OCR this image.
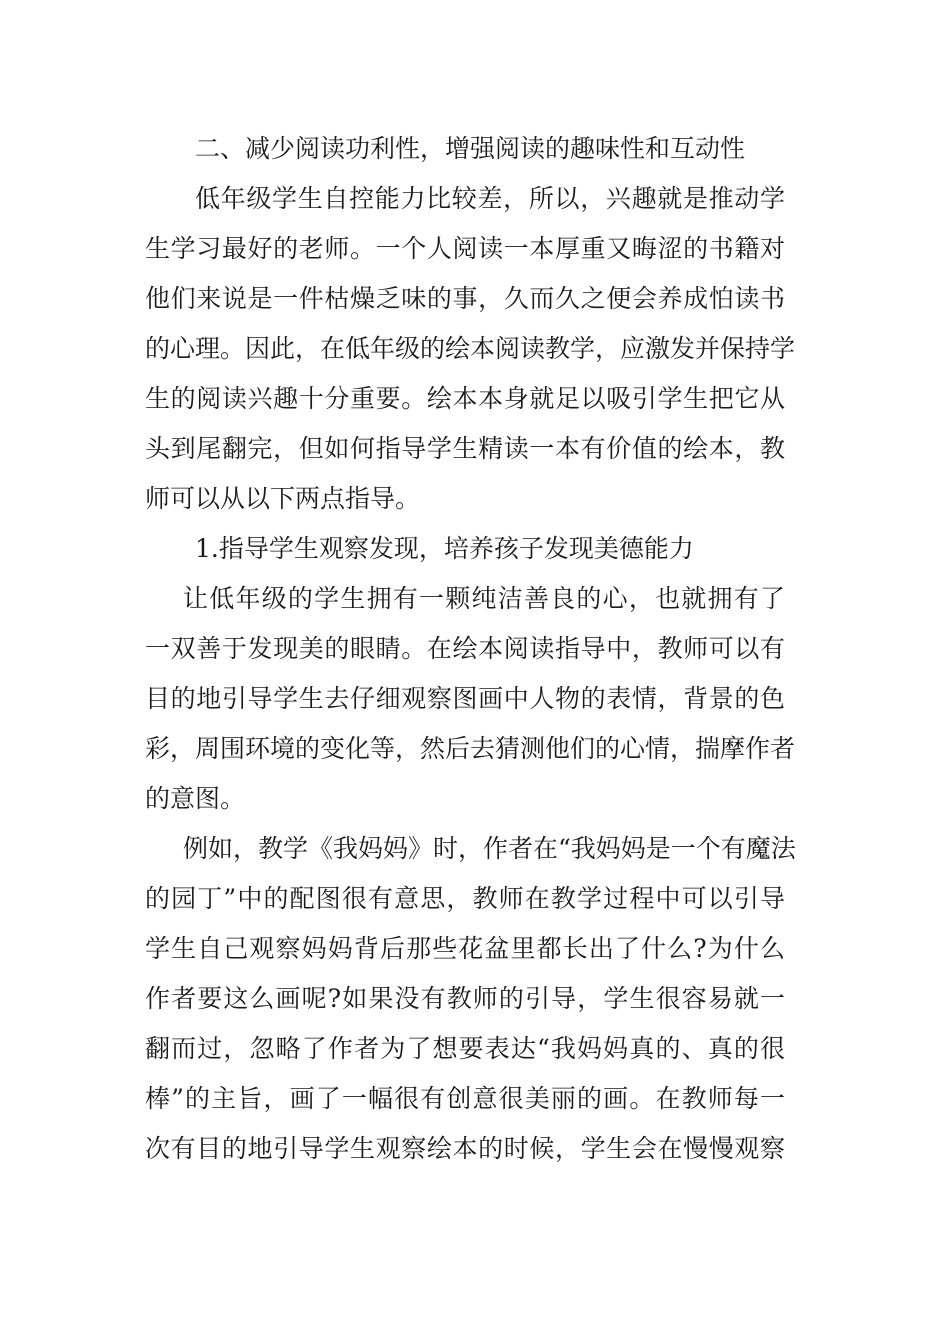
二、减少阅读功利性，增强阅读的趣味性和互动性
低年级学生自控能力比较差，所以，兴趣就是推动学
生学习最好的老师。一个人阅读一本厚重又晦涩的书籍对
他们来说是一件枯燥乏味的事，久而久之便会养成怕读书
的心理。因此，在低年级的绘本阅读教学，应激发并保持学
生的阅读兴趣十分重要。绘本本身就足以吸引学生把它从
头到尾翻完，但如何指导学生精读一本有价值的绘本，教
师可以从以下两点指导。
1.指导学生观察发现，培养孩子发现美德能力
让低年级的学生拥有一颗纯洁善良的心，也就拥有了
一双善于发现美的眼睛。在绘本阅读指导中，教师可以有
目的地引导学生去仔细观察图画中人物的表情，背景的色
彩，周围环境的变化等，然后去猜测他们的心情，揣摩作者
的意图。
例如，教学《我妈妈》时，作者在“我妈妈是一个有魔法
的园丁”中的配图很有意思，教师在教学过程中可以引导
学生自己观察妈妈背后那些花盆里都长出了什么?为什么
作者要这么画呢?如果没有教师的引导，学生很容易就一
翻而过，忽略了作者为了想要表达“我妈妈真的、真的很
棒”的主旨，画了一幅很有创意很美丽的画。在教师每一
次有目的地引导学生观察绘本的时候，学生会在慢慢观察
